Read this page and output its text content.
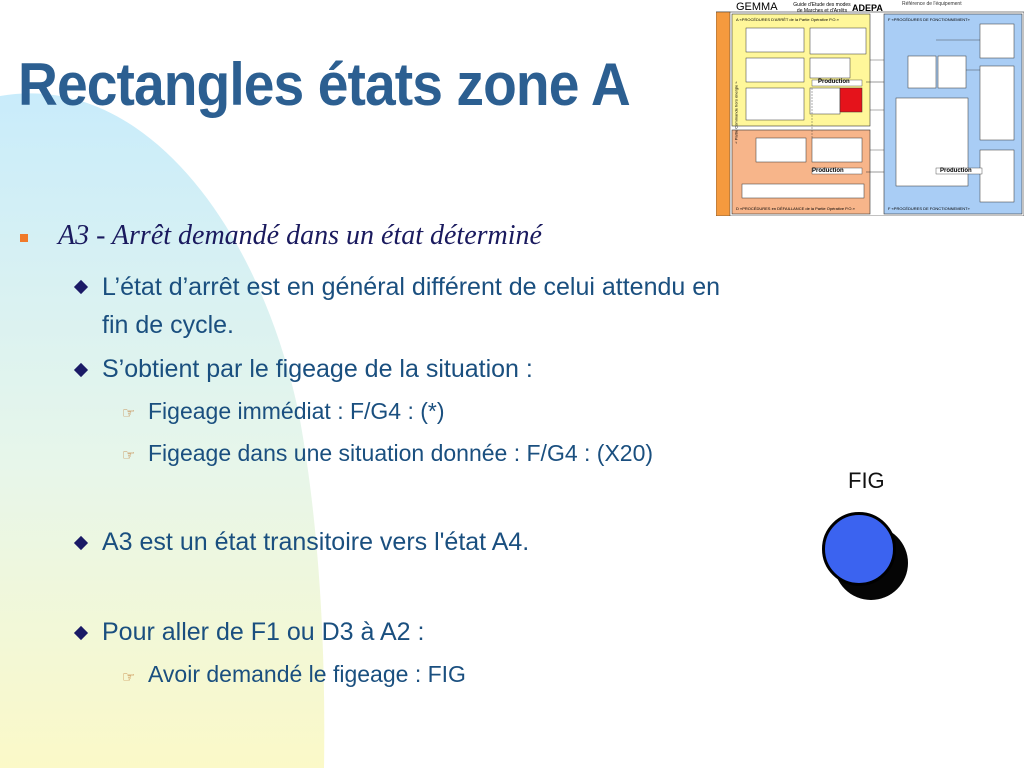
Rectangles états zone A
GEMMA	Guide d'Etude des modes
de Marches et d'Arrêts ADEPA	Référence de l'équipement
A «PROCÉDURES D'ARRÊT de la Partie Opérative P.O.»	F «PROCÉDURES DE FONCTIONNEMENT»
D «PROCÉDURES en DÉFAILLANCE de la Partie Opérative P.O.»	F «PROCÉDURES DE FONCTIONNEMENT»
Production
Production	Production
« Partie Commande hors énergie »
A3 - Arrêt demandé dans un état déterminé
L’état d’arrêt est en général différent de celui attendu en
fin de cycle.
S’obtient par le figeage de la situation :
☞ Figeage immédiat : F/G4 : (*)
☞ Figeage dans une situation donnée : F/G4 : (X20)
A3 est un état transitoire vers l'état A4.
Pour aller de F1 ou D3 à A2 :
☞ Avoir demandé le figeage : FIG
FIG
